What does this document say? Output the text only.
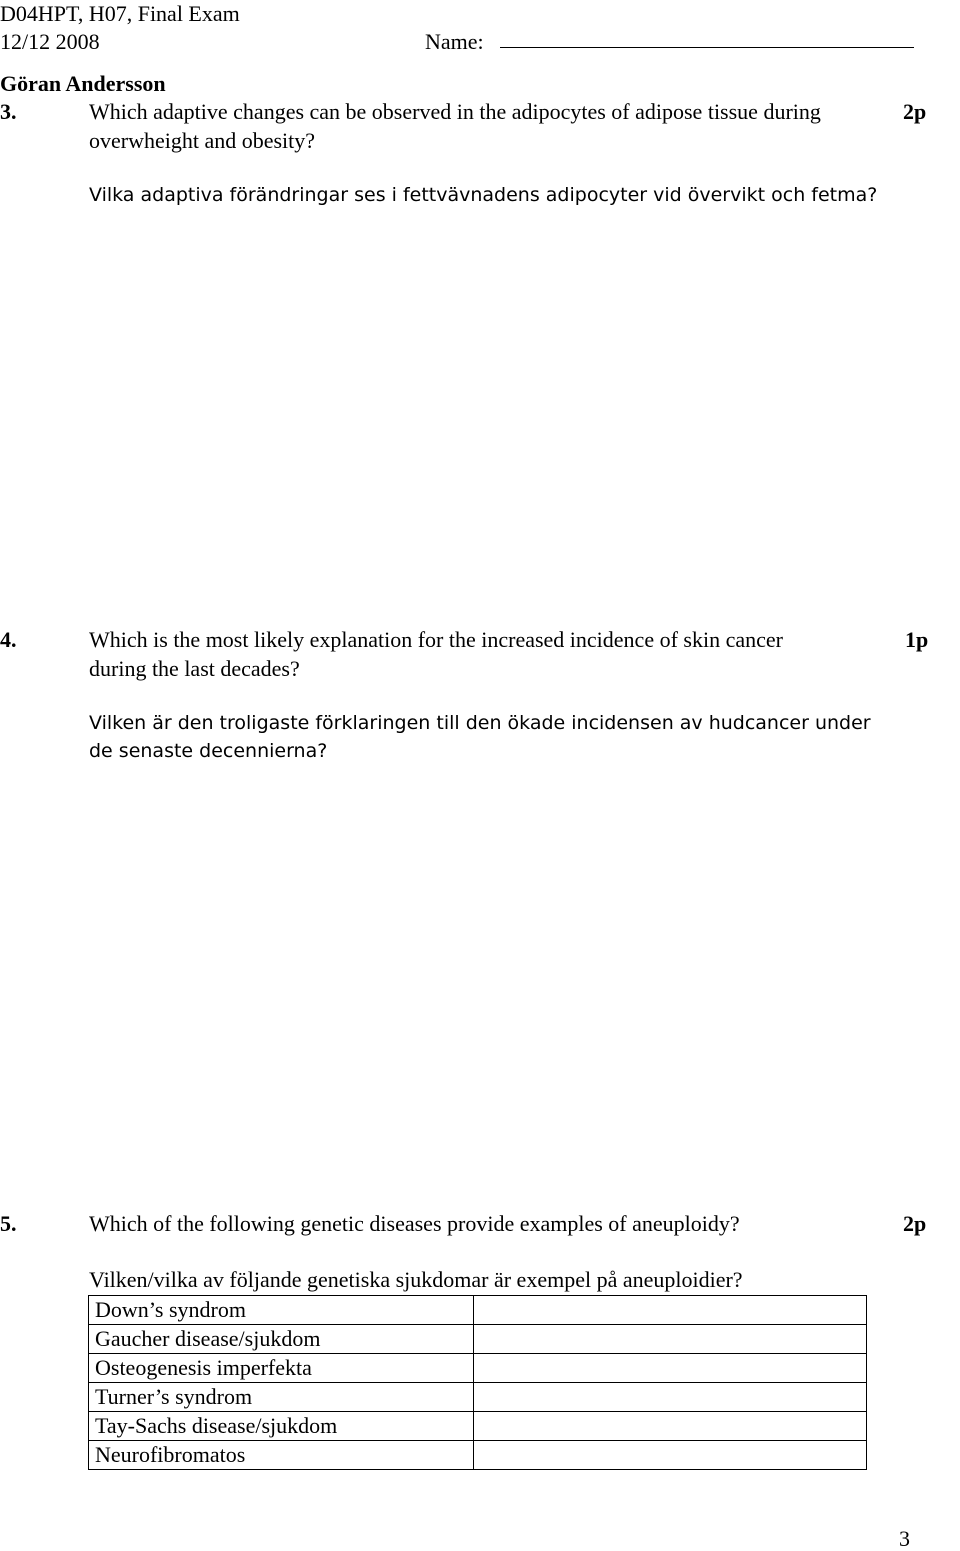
D04HPT, H07, Final Exam
12/12 2008	Name:
Göran Andersson
3.	Which adaptive changes can be observed in the adipocytes of adipose tissue during	2p
overwheight and obesity?
Vilka adaptiva förändringar ses i fettvävnadens adipocyter vid övervikt och fetma?
4.	Which is the most likely explanation for the increased incidence of skin cancer	1p
during the last decades?
Vilken är den troligaste förklaringen till den ökade incidensen av hudcancer under
de senaste decennierna?
5.	Which of the following genetic diseases provide examples of aneuploidy?	2p
Vilken/vilka av följande genetiska sjukdomar är exempel på aneuploidier?
Down’s syndrom	
Gaucher disease/sjukdom	
Osteogenesis imperfekta	
Turner’s syndrom	
Tay-Sachs disease/sjukdom	
Neurofibromatos	
3
